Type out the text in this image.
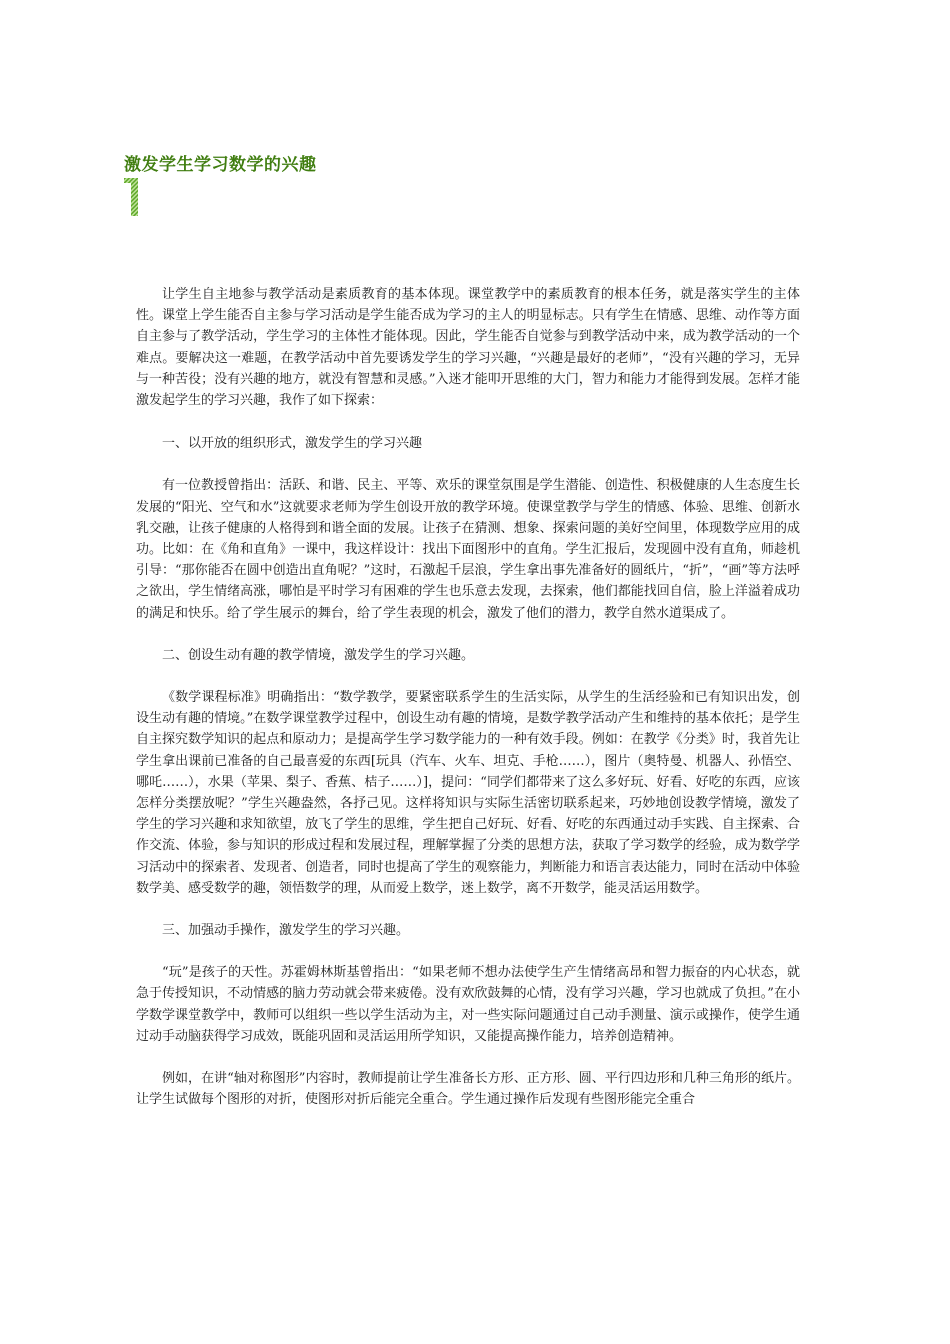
激发学生学习数学的兴趣

让学生自主地参与教学活动是素质教育的基本体现。课堂教学中的素质教育的根本任务，就是落实学生的主体性。课堂上学生能否自主参与学习活动是学生能否成为学习的主人的明显标志。只有学生在情感、思维、动作等方面自主参与了教学活动，学生学习的主体性才能体现。因此，学生能否自觉参与到教学活动中来，成为教学活动的一个难点。要解决这一难题，在教学活动中首先要诱发学生的学习兴趣，“兴趣是最好的老师”，“没有兴趣的学习，无异与一种苦役；没有兴趣的地方，就没有智慧和灵感。”入迷才能叩开思维的大门，智力和能力才能得到发展。怎样才能激发起学生的学习兴趣，我作了如下探索：

一、以开放的组织形式，激发学生的学习兴趣

有一位教授曾指出：活跃、和谐、民主、平等、欢乐的课堂氛围是学生潜能、创造性、积极健康的人生态度生长发展的“阳光、空气和水”这就要求老师为学生创设开放的教学环境。使课堂教学与学生的情感、体验、思维、创新水乳交融，让孩子健康的人格得到和谐全面的发展。让孩子在猜测、想象、探索问题的美好空间里，体现数学应用的成功。比如：在《角和直角》一课中，我这样设计：找出下面图形中的直角。学生汇报后，发现圆中没有直角，师趁机引导：“那你能否在圆中创造出直角呢？”这时，石激起千层浪，学生拿出事先准备好的圆纸片，“折”，“画”等方法呼之欲出，学生情绪高涨，哪怕是平时学习有困难的学生也乐意去发现，去探索，他们都能找回自信，脸上洋溢着成功的满足和快乐。给了学生展示的舞台，给了学生表现的机会，激发了他们的潜力，教学自然水道渠成了。

二、创设生动有趣的教学情境，激发学生的学习兴趣。

《数学课程标准》明确指出：“数学教学，要紧密联系学生的生活实际，从学生的生活经验和已有知识出发，创设生动有趣的情境。”在数学课堂教学过程中，创设生动有趣的情境，是数学教学活动产生和维持的基本依托；是学生自主探究数学知识的起点和原动力；是提高学生学习数学能力的一种有效手段。例如：在教学《分类》时，我首先让学生拿出课前已准备的自己最喜爱的东西[玩具（汽车、火车、坦克、手枪……），图片（奥特曼、机器人、孙悟空、哪吒……），水果（苹果、梨子、香蕉、桔子……）]，提问：“同学们都带来了这么多好玩、好看、好吃的东西，应该怎样分类摆放呢？”学生兴趣盎然，各抒己见。这样将知识与实际生活密切联系起来，巧妙地创设教学情境，激发了学生的学习兴趣和求知欲望，放飞了学生的思维，学生把自己好玩、好看、好吃的东西通过动手实践、自主探索、合作交流、体验，参与知识的形成过程和发展过程，理解掌握了分类的思想方法，获取了学习数学的经验，成为数学学习活动中的探索者、发现者、创造者，同时也提高了学生的观察能力，判断能力和语言表达能力，同时在活动中体验数学美、感受数学的趣，领悟数学的理，从而爱上数学，迷上数学，离不开数学，能灵活运用数学。

三、加强动手操作，激发学生的学习兴趣。

“玩”是孩子的天性。苏霍姆林斯基曾指出：“如果老师不想办法使学生产生情绪高昂和智力振奋的内心状态，就急于传授知识，不动情感的脑力劳动就会带来疲倦。没有欢欣鼓舞的心情，没有学习兴趣，学习也就成了负担。”在小学数学课堂教学中，教师可以组织一些以学生活动为主，对一些实际问题通过自己动手测量、演示或操作，使学生通过动手动脑获得学习成效，既能巩固和灵活运用所学知识，又能提高操作能力，培养创造精神。

例如，在讲“轴对称图形”内容时，教师提前让学生准备长方形、正方形、圆、平行四边形和几种三角形的纸片。让学生试做每个图形的对折，使图形对折后能完全重合。学生通过操作后发现有些图形能完全重合
